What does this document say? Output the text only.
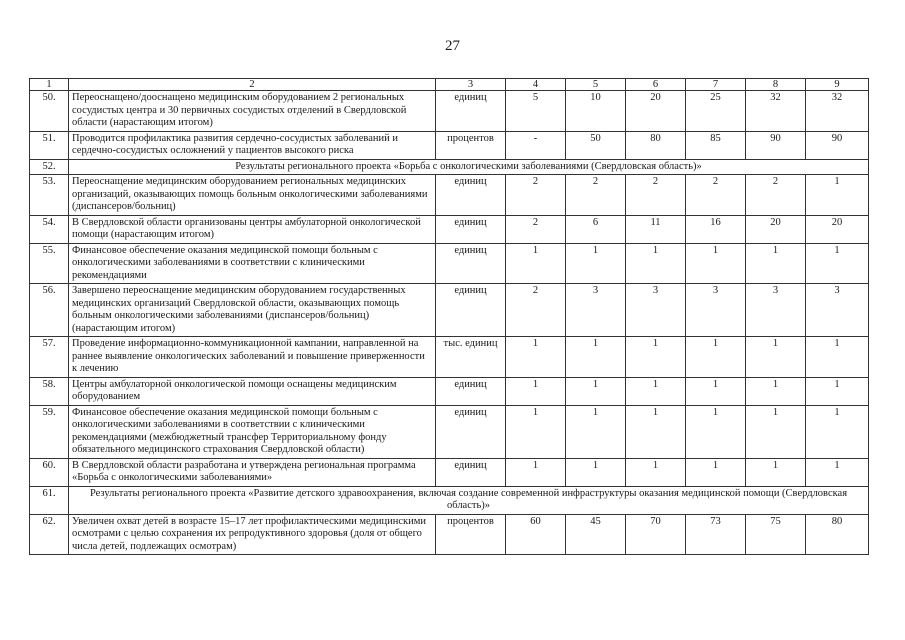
27
1	2	3	4	5	6	7	8	9
50.	Переоснащено/дооснащено медицинским оборудованием 2 региональных сосудистых центра и 30 первичных сосудистых отделений в Свердловской области (нарастающим итогом)	единиц	5	10	20	25	32	32
51.	Проводится профилактика развития сердечно-сосудистых заболеваний и сердечно-сосудистых осложнений у пациентов высокого риска	процентов	-	50	80	85	90	90
52.	Результаты регионального проекта «Борьба с онкологическими заболеваниями (Свердловская область)»							
53.	Переоснащение медицинским оборудованием региональных медицинских организаций, оказывающих помощь больным онкологическими заболеваниями (диспансеров/больниц)	единиц	2	2	2	2	2	1
54.	В Свердловской области организованы центры амбулаторной онкологической помощи (нарастающим итогом)	единиц	2	6	11	16	20	20
55.	Финансовое обеспечение оказания медицинской помощи больным с онкологическими заболеваниями в соответствии с клиническими рекомендациями	единиц	1	1	1	1	1	1
56.	Завершено переоснащение медицинским оборудованием государственных медицинских организаций Свердловской области, оказывающих помощь больным онкологическими заболеваниями (диспансеров/больниц) (нарастающим итогом)	единиц	2	3	3	3	3	3
57.	Проведение информационно-коммуникационной кампании, направленной на раннее выявление онкологических заболеваний и повышение приверженности к лечению	тыс. единиц	1	1	1	1	1	1
58.	Центры амбулаторной онкологической помощи оснащены медицинским оборудованием	единиц	1	1	1	1	1	1
59.	Финансовое обеспечение оказания медицинской помощи больным с онкологическими заболеваниями в соответствии с клиническими рекомендациями (межбюджетный трансфер Территориальному фонду обязательного медицинского страхования Свердловской области)	единиц	1	1	1	1	1	1
60.	В Свердловской области разработана и утверждена региональная программа «Борьба с онкологическими заболеваниями»	единиц	1	1	1	1	1	1
61.	Результаты регионального проекта «Развитие детского здравоохранения, включая создание современной инфраструктуры оказания медицинской помощи (Свердловская область)»							
62.	Увеличен охват детей в возрасте 15–17 лет профилактическими медицинскими осмотрами с целью сохранения их репродуктивного здоровья (доля от общего числа детей, подлежащих осмотрам)	процентов	60	45	70	73	75	80
